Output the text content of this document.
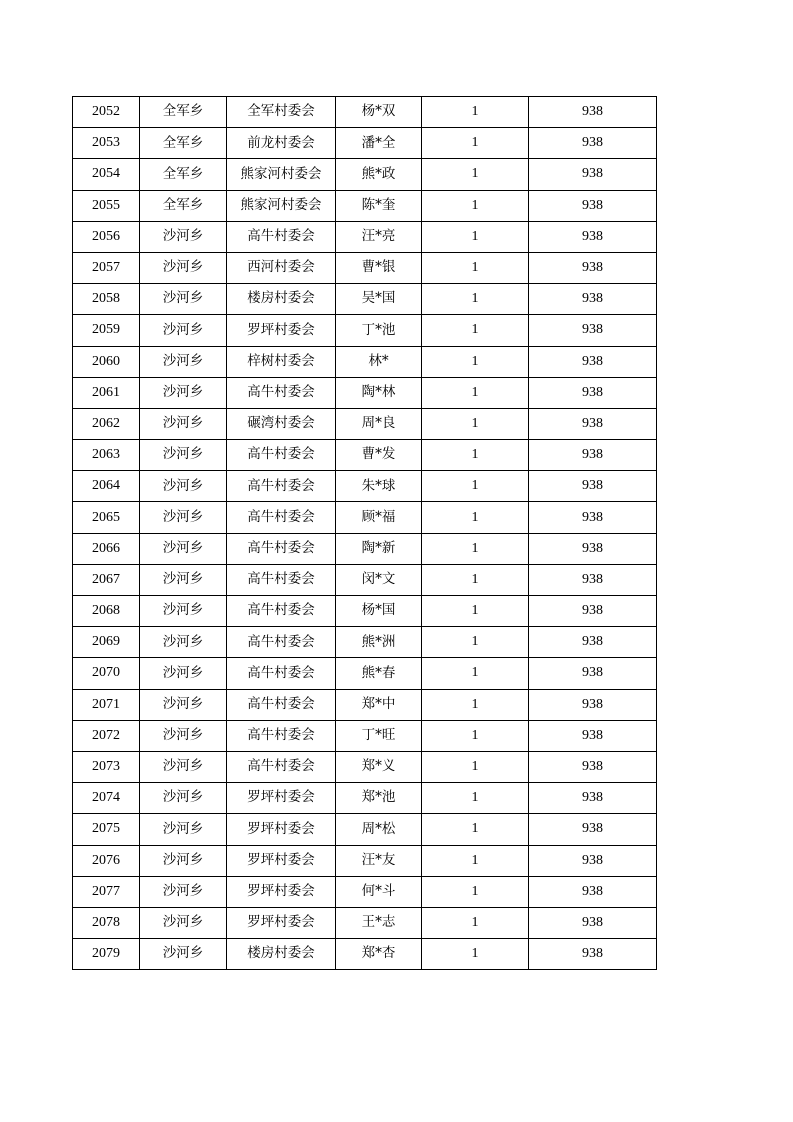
2052	全军乡	全军村委会	杨*双	1	938
2053	全军乡	前龙村委会	潘*全	1	938
2054	全军乡	熊家河村委会	熊*政	1	938
2055	全军乡	熊家河村委会	陈*奎	1	938
2056	沙河乡	高牛村委会	汪*亮	1	938
2057	沙河乡	西河村委会	曹*银	1	938
2058	沙河乡	楼房村委会	吴*国	1	938
2059	沙河乡	罗坪村委会	丁*池	1	938
2060	沙河乡	梓树村委会	林*	1	938
2061	沙河乡	高牛村委会	陶*林	1	938
2062	沙河乡	碾湾村委会	周*良	1	938
2063	沙河乡	高牛村委会	曹*发	1	938
2064	沙河乡	高牛村委会	朱*球	1	938
2065	沙河乡	高牛村委会	顾*福	1	938
2066	沙河乡	高牛村委会	陶*新	1	938
2067	沙河乡	高牛村委会	闵*文	1	938
2068	沙河乡	高牛村委会	杨*国	1	938
2069	沙河乡	高牛村委会	熊*洲	1	938
2070	沙河乡	高牛村委会	熊*春	1	938
2071	沙河乡	高牛村委会	郑*中	1	938
2072	沙河乡	高牛村委会	丁*旺	1	938
2073	沙河乡	高牛村委会	郑*义	1	938
2074	沙河乡	罗坪村委会	郑*池	1	938
2075	沙河乡	罗坪村委会	周*松	1	938
2076	沙河乡	罗坪村委会	汪*友	1	938
2077	沙河乡	罗坪村委会	何*斗	1	938
2078	沙河乡	罗坪村委会	王*志	1	938
2079	沙河乡	楼房村委会	郑*杏	1	938
